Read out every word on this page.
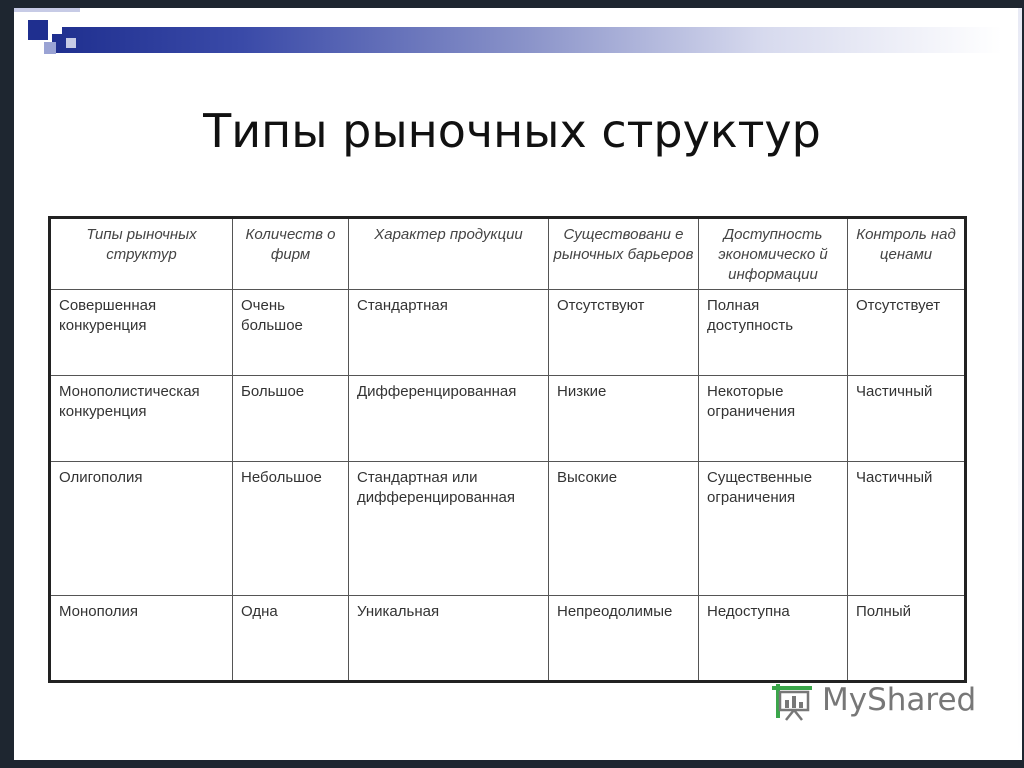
Типы рыночных структур
Типы рыночных структур	Количеств о фирм	Характер продукции	Существовани е рыночных барьеров	Доступность экономическо й информации	Контроль над ценами
Совершенная конкуренция	Очень большое	Стандартная	Отсутствуют	Полная доступность	Отсутствует
Монополистическая конкуренция	Большое	Дифференцированная	Низкие	Некоторые ограничения	Частичный
Олигополия	Небольшое	Стандартная или дифференцированная	Высокие	Существенные ограничения	Частичный
Монополия	Одна	Уникальная	Непреодолимые	Недоступна	Полный
MyShared
